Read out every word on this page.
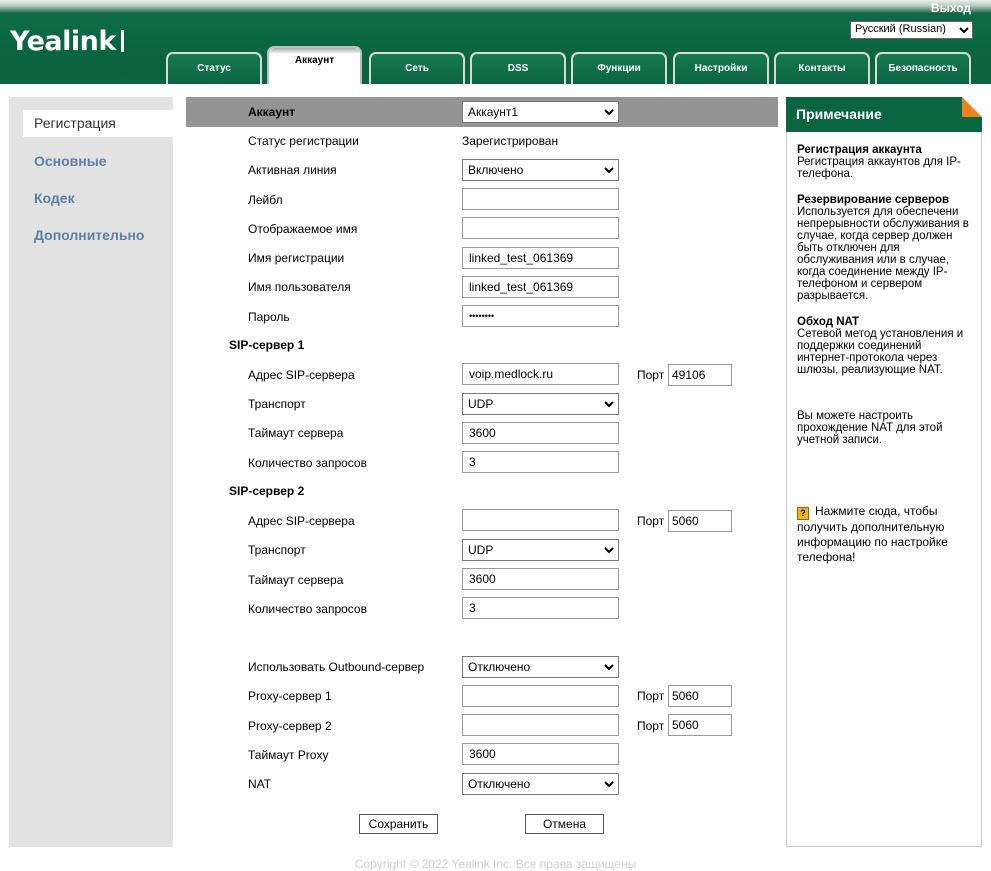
Yealink
Выход
Русский (Russian)
Статус
Аккаунт
Сеть	DSS	Функции	Настройки	Контакты	Безопасность
Регистрация
Основные
Кодек
Дополнительно
Аккаунт	Аккаунт1
Статус регистрации	Зарегистрирован
Активная линия	Включено
Лейбл
Отображаемое имя
Имя регистрации	linked_test_061369
Имя пользователя	linked_test_061369
Пароль	••••••••
SIP-сервер 1
Адрес SIP-сервера	voip.medlock.ru	Порт 49106
Транспорт	UDP
Таймаут сервера	3600
Количество запросов	3
SIP-сервер 2
Адрес SIP-сервера	Порт 5060
Транспорт	UDP
Таймаут сервера	3600
Количество запросов	3
Использовать Outbound-сервер	Отключено
Proxy-сервер 1	Порт 5060
Proxy-сервер 2	Порт 5060
Таймаут Proxy	3600
NAT	Отключено
Сохранить	Отмена
Примечание
Регистрация аккаунта
Регистрация аккаунтов для IP-телефона.
Резервирование серверов
Используется для обеспечени непрерывности обслуживания в случае, когда сервер должен быть отключен для обслуживания или в случае, когда соединение между IP-телефоном и сервером разрывается.
Обход NAT
Сетевой метод установления и поддержки соединений интернет-протокола через шлюзы, реализующие NAT.
Вы можете настроить прохождение NAT для этой учетной записи.
? Нажмите сюда, чтобы получить дополнительную информацию по настройке телефона!
Copyright © 2022 Yealink Inc. Все права защищены
